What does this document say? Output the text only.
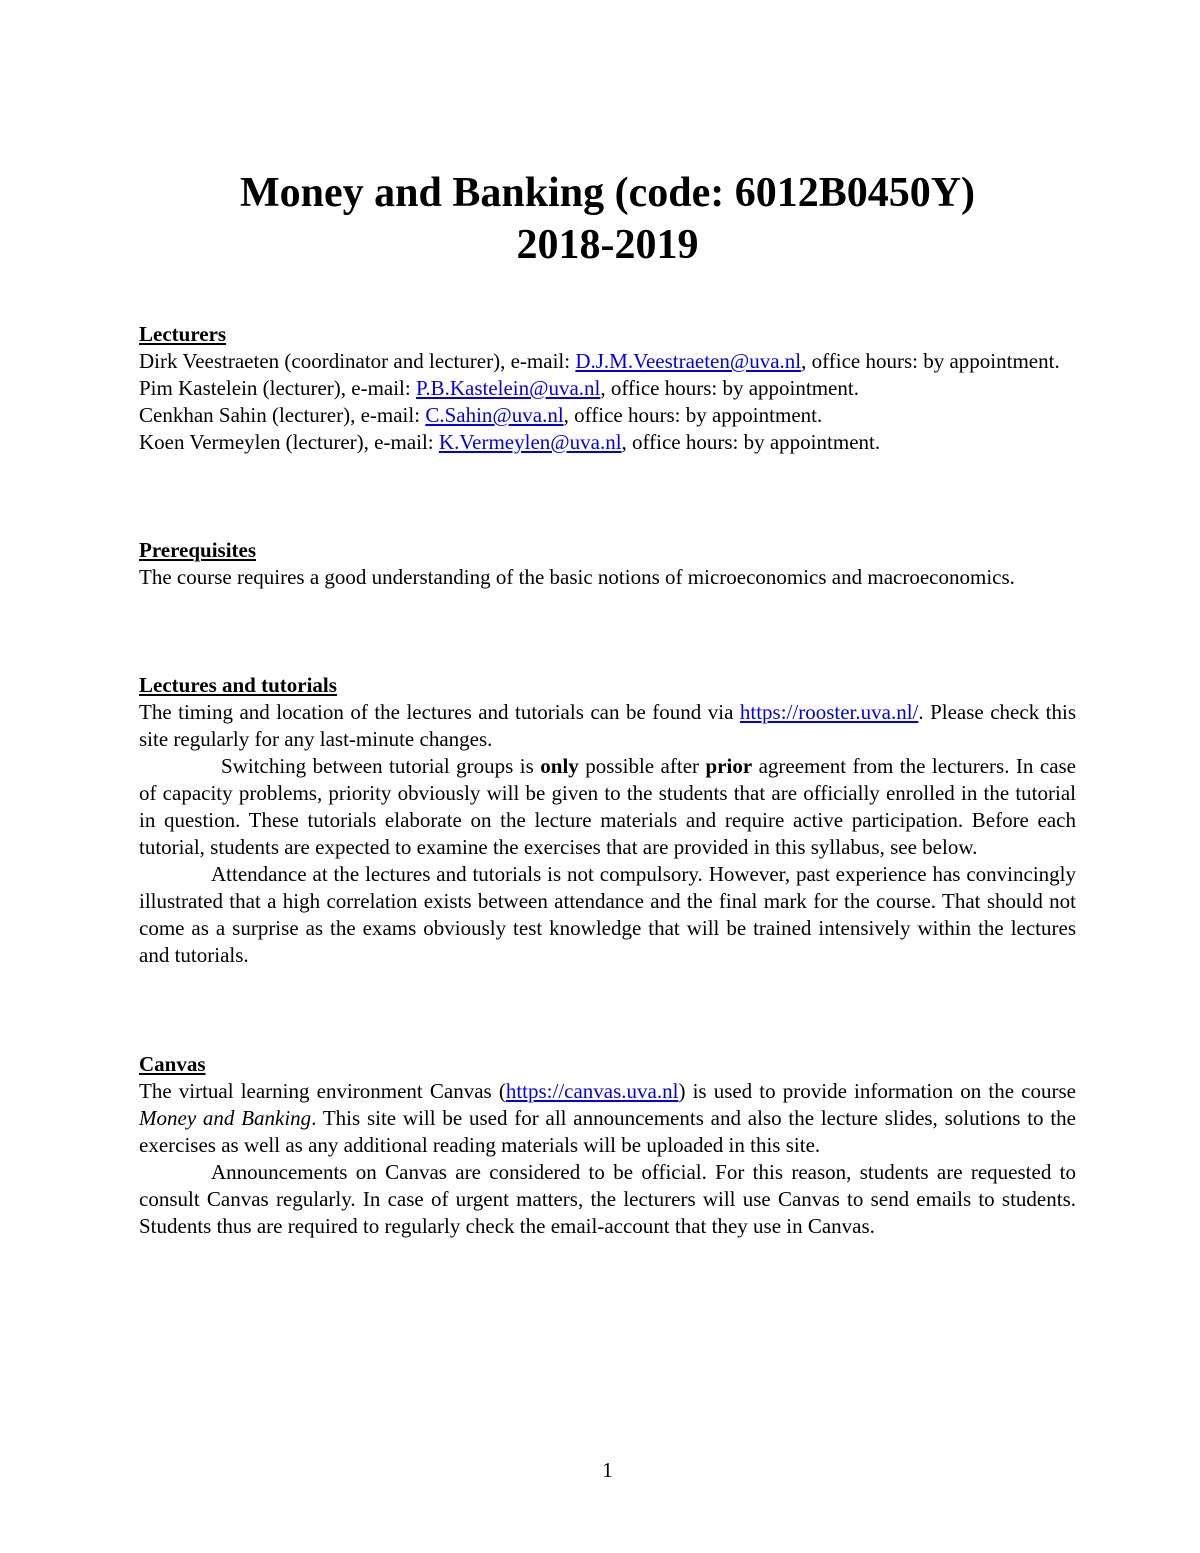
Money and Banking (code: 6012B0450Y)
2018-2019

Lecturers

Dirk Veestraeten (coordinator and lecturer), e-mail: D.J.M.Veestraeten@uva.nl, office hours: by appointment.

Pim Kastelein (lecturer), e-mail: P.B.Kastelein@uva.nl, office hours: by appointment.

Cenkhan Sahin (lecturer), e-mail: C.Sahin@uva.nl, office hours: by appointment.

Koen Vermeylen (lecturer), e-mail: K.Vermeylen@uva.nl, office hours: by appointment.

Prerequisites

The course requires a good understanding of the basic notions of microeconomics and macroeconomics.

Lectures and tutorials

The timing and location of the lectures and tutorials can be found via https://rooster.uva.nl/. Please check this site regularly for any last-minute changes.

Switching between tutorial groups is only possible after prior agreement from the lecturers. In case of capacity problems, priority obviously will be given to the students that are officially enrolled in the tutorial in question. These tutorials elaborate on the lecture materials and require active participation. Before each tutorial, students are expected to examine the exercises that are provided in this syllabus, see below.

Attendance at the lectures and tutorials is not compulsory. However, past experience has convincingly illustrated that a high correlation exists between attendance and the final mark for the course. That should not come as a surprise as the exams obviously test knowledge that will be trained intensively within the lectures and tutorials.

Canvas

The virtual learning environment Canvas (https://canvas.uva.nl) is used to provide information on the course Money and Banking. This site will be used for all announcements and also the lecture slides, solutions to the exercises as well as any additional reading materials will be uploaded in this site.

Announcements on Canvas are considered to be official. For this reason, students are requested to consult Canvas regularly. In case of urgent matters, the lecturers will use Canvas to send emails to students. Students thus are required to regularly check the email-account that they use in Canvas.

1
